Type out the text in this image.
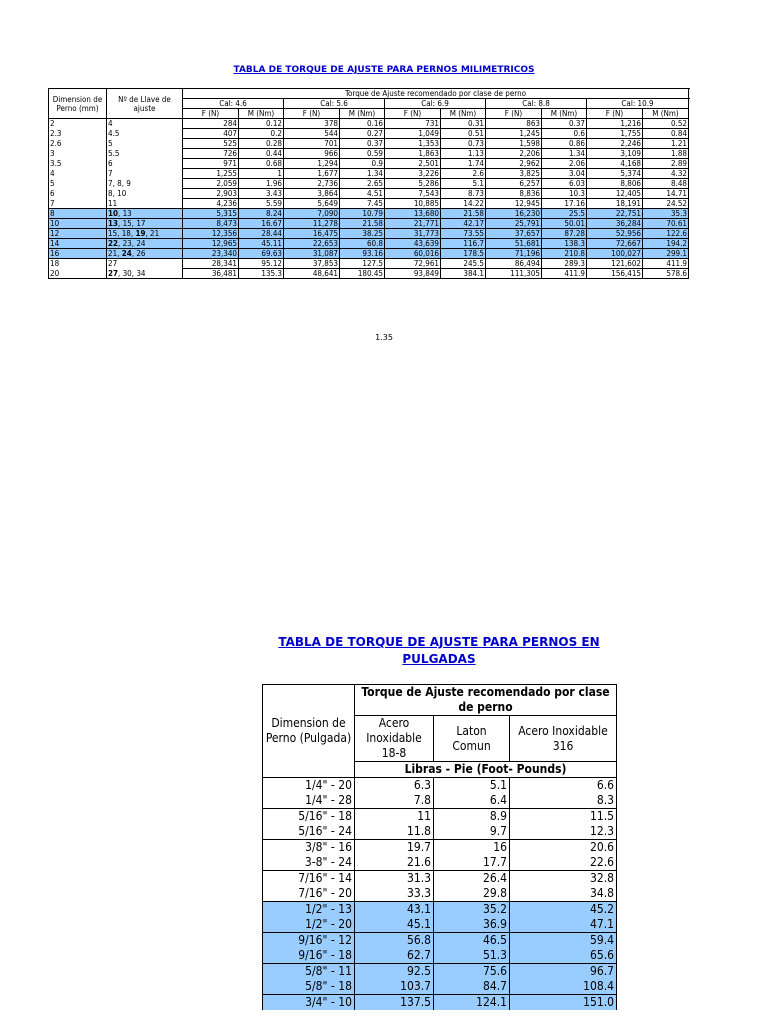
TABLA DE TORQUE DE AJUSTE PARA PERNOS MILIMETRICOS
Dimension de Perno (mm)	Nº de Llave de ajuste	Torque de Ajuste recomendado por clase de perno										
		Cal: 4.6		Cal: 5.6		Cal: 6.9		Cal: 8.8		Cal: 10.9	
		F (N)	M (Nm)	F (N)	M (Nm)	F (N)	M (Nm)	F (N)	M (Nm)	F (N)	M (Nm)		
2	4	284	0.12	378	0.16	731	0.31	863	0.37	1,216	0.52		
2.3	4.5	407	0.2	544	0.27	1,049	0.51	1,245	0.6	1,755	0.84		
2.6	5	525	0.28	701	0.37	1,353	0.73	1,598	0.86	2,246	1.21		
3	5.5	726	0.44	966	0.59	1,863	1.13	2,206	1.34	3,109	1.88		
3.5	6	971	0.68	1,294	0.9	2,501	1.74	2,962	2.06	4,168	2.89		
4	7	1,255	1	1,677	1.34	3,226	2.6	3,825	3.04	5,374	4.32		
5	7, 8, 9	2,059	1.96	2,736	2.65	5,286	5.1	6,257	6.03	8,806	8.48		
6	8, 10	2,903	3.43	3,864	4.51	7,543	8.73	8,836	10.3	12,405	14.71		
7	11	4,236	5.59	5,649	7.45	10,885	14.22	12,945	17.16	18,191	24.52		
8	10, 13	5,315	8.24	7,090	10.79	13,680	21.58	16,230	25.5	22,751	35.3		
10	13, 15, 17	8,473	16.67	11,278	21.58	21,771	42.17	25,791	50.01	36,284	70.61		
12	15, 18, 19, 21	12,356	28.44	16,475	38.25	31,773	73.55	37,657	87.28	52,956	122.6		
14	22, 23, 24	12,965	45.11	22,653	60.8	43,639	116.7	51,681	138.3	72,667	194.2		
16	21, 24, 26	23,340	69.63	31,087	93.16	60,016	178.5	71,196	210.8	100,027	299.1		
18	27	28,341	95.12	37,853	127.5	72,961	245.5	86,494	289.3	121,602	411.9		
20	27, 30, 34	36,481	135.3	48,641	180.45	93,849	384.1	111,305	411.9	156,415	578.6		
1.35
TABLA DE TORQUE DE AJUSTE PARA PERNOS EN PULGADAS
Dimension de Perno (Pulgada)	Torque de Ajuste recomendado por clase de perno		
	Acero Inoxidable 18-8	Laton Comun	Acero Inoxidable 316
	Libras - Pie (Foot- Pounds)		
1/4" - 20	6.3	5.1	6.6
1/4" - 28	7.8	6.4	8.3
5/16" - 18	11	8.9	11.5
5/16" - 24	11.8	9.7	12.3
3/8" - 16	19.7	16	20.6
3-8" - 24	21.6	17.7	22.6
7/16" - 14	31.3	26.4	32.8
7/16" - 20	33.3	29.8	34.8
1/2" - 13	43.1	35.2	45.2
1/2" - 20	45.1	36.9	47.1
9/16" - 12	56.8	46.5	59.4
9/16" - 18	62.7	51.3	65.6
5/8" - 11	92.5	75.6	96.7
5/8" - 18	103.7	84.7	108.4
3/4" - 10	137.5	124.1	151.0
